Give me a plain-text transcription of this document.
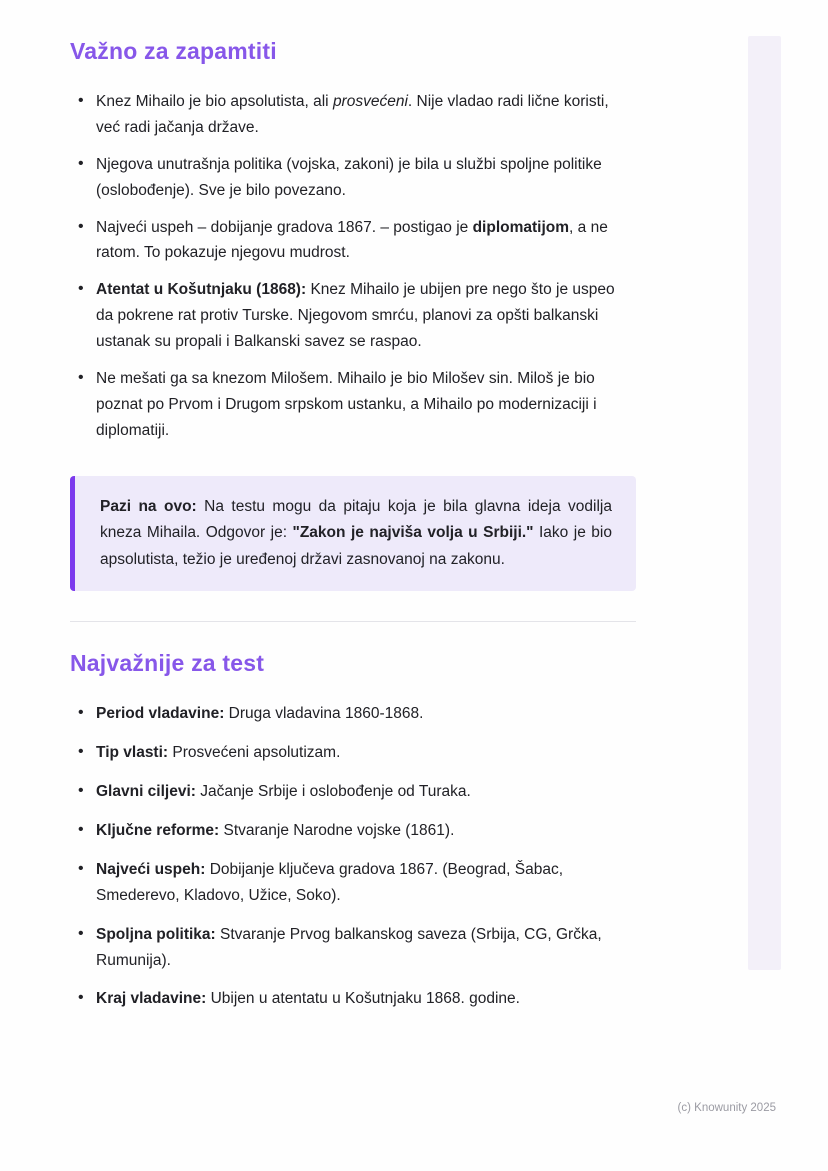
Važno za zapamtiti
• Knez Mihailo je bio apsolutista, ali prosvećeni. Nije vladao radi lične koristi, već radi jačanja države.
• Njegova unutrašnja politika (vojska, zakoni) je bila u službi spoljne politike (oslobođenje). Sve je bilo povezano.
• Najveći uspeh – dobijanje gradova 1867. – postigao je diplomatijom, a ne ratom. To pokazuje njegovu mudrost.
• Atentat u Košutnjaku (1868): Knez Mihailo je ubijen pre nego što je uspeo da pokrene rat protiv Turske. Njegovom smrću, planovi za opšti balkanski ustanak su propali i Balkanski savez se raspao.
• Ne mešati ga sa knezom Milošem. Mihailo je bio Milošev sin. Miloš je bio poznat po Prvom i Drugom srpskom ustanku, a Mihailo po modernizaciji i diplomatiji.

Pazi na ovo: Na testu mogu da pitaju koja je bila glavna ideja vodilja kneza Mihaila. Odgovor je: "Zakon je najviša volja u Srbiji." Iako je bio apsolutista, težio je uređenoj državi zasnovanoj na zakonu.

Najvažnije za test
• Period vladavine: Druga vladavina 1860-1868.
• Tip vlasti: Prosvećeni apsolutizam.
• Glavni ciljevi: Jačanje Srbije i oslobođenje od Turaka.
• Ključne reforme: Stvaranje Narodne vojske (1861).
• Najveći uspeh: Dobijanje ključeva gradova 1867. (Beograd, Šabac, Smederevo, Kladovo, Užice, Soko).
• Spoljna politika: Stvaranje Prvog balkanskog saveza (Srbija, CG, Grčka, Rumunija).
• Kraj vladavine: Ubijen u atentatu u Košutnjaku 1868. godine.
(c) Knowunity 2025
